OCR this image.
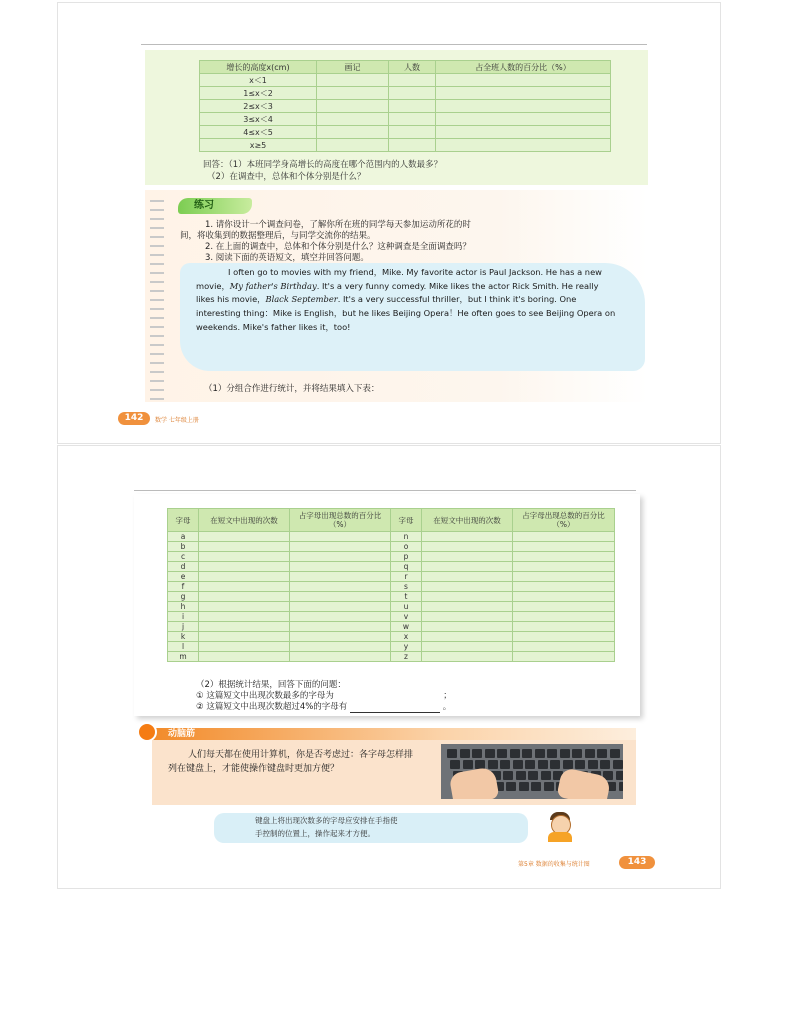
增长的高度x(cm)	画记	人数	占全班人数的百分比（%）
x＜1			
1≤x＜2			
2≤x＜3			
3≤x＜4			
4≤x＜5			
x≥5			
回答：（1）本班同学身高增长的高度在哪个范围内的人数最多？
（2）在调查中，总体和个体分别是什么？
练习
1. 请你设计一个调查问卷，了解你所在班的同学每天参加运动所花的时
间，将收集到的数据整理后，与同学交流你的结果。
2. 在上面的调查中，总体和个体分别是什么？这种调查是全面调查吗？
3. 阅读下面的英语短文，填空并回答问题。

I often go to movies with my friend，Mike. My favorite actor is Paul Jackson. He has a new movie，My father's Birthday. It's a very funny comedy. Mike likes the actor Rick Smith. He really likes his movie，Black September. It's a very successful thriller，but I think it's boring. One interesting thing：Mike is English，but he likes Beijing Opera！He often goes to see Beijing Opera on weekends. Mike's father likes it，too!

（1）分组合作进行统计，并将结果填入下表：
142	数学 七年级上册
字母	在短文中出现的次数	占字母出现总数的百分比（%）	字母	在短文中出现的次数	占字母出现总数的百分比（%）
a			n		
b			o		
c			p		
d			q		
e			r		
f			s		
g			t		
h			u		
i			v		
j			w		
k			x		
l			y		
m			z		
（2）根据统计结果，回答下面的问题：
① 这篇短文中出现次数最多的字母为	；
② 这篇短文中出现次数超过4%的字母有	。
动脑筋

人们每天都在使用计算机，你是否考虑过：各字母怎样排列在键盘上，才能使操作键盘时更加方便？

键盘上将出现次数多的字母应安排在手指使
手控制的位置上，操作起来才方便。
第5章 数据的收集与统计图	143
